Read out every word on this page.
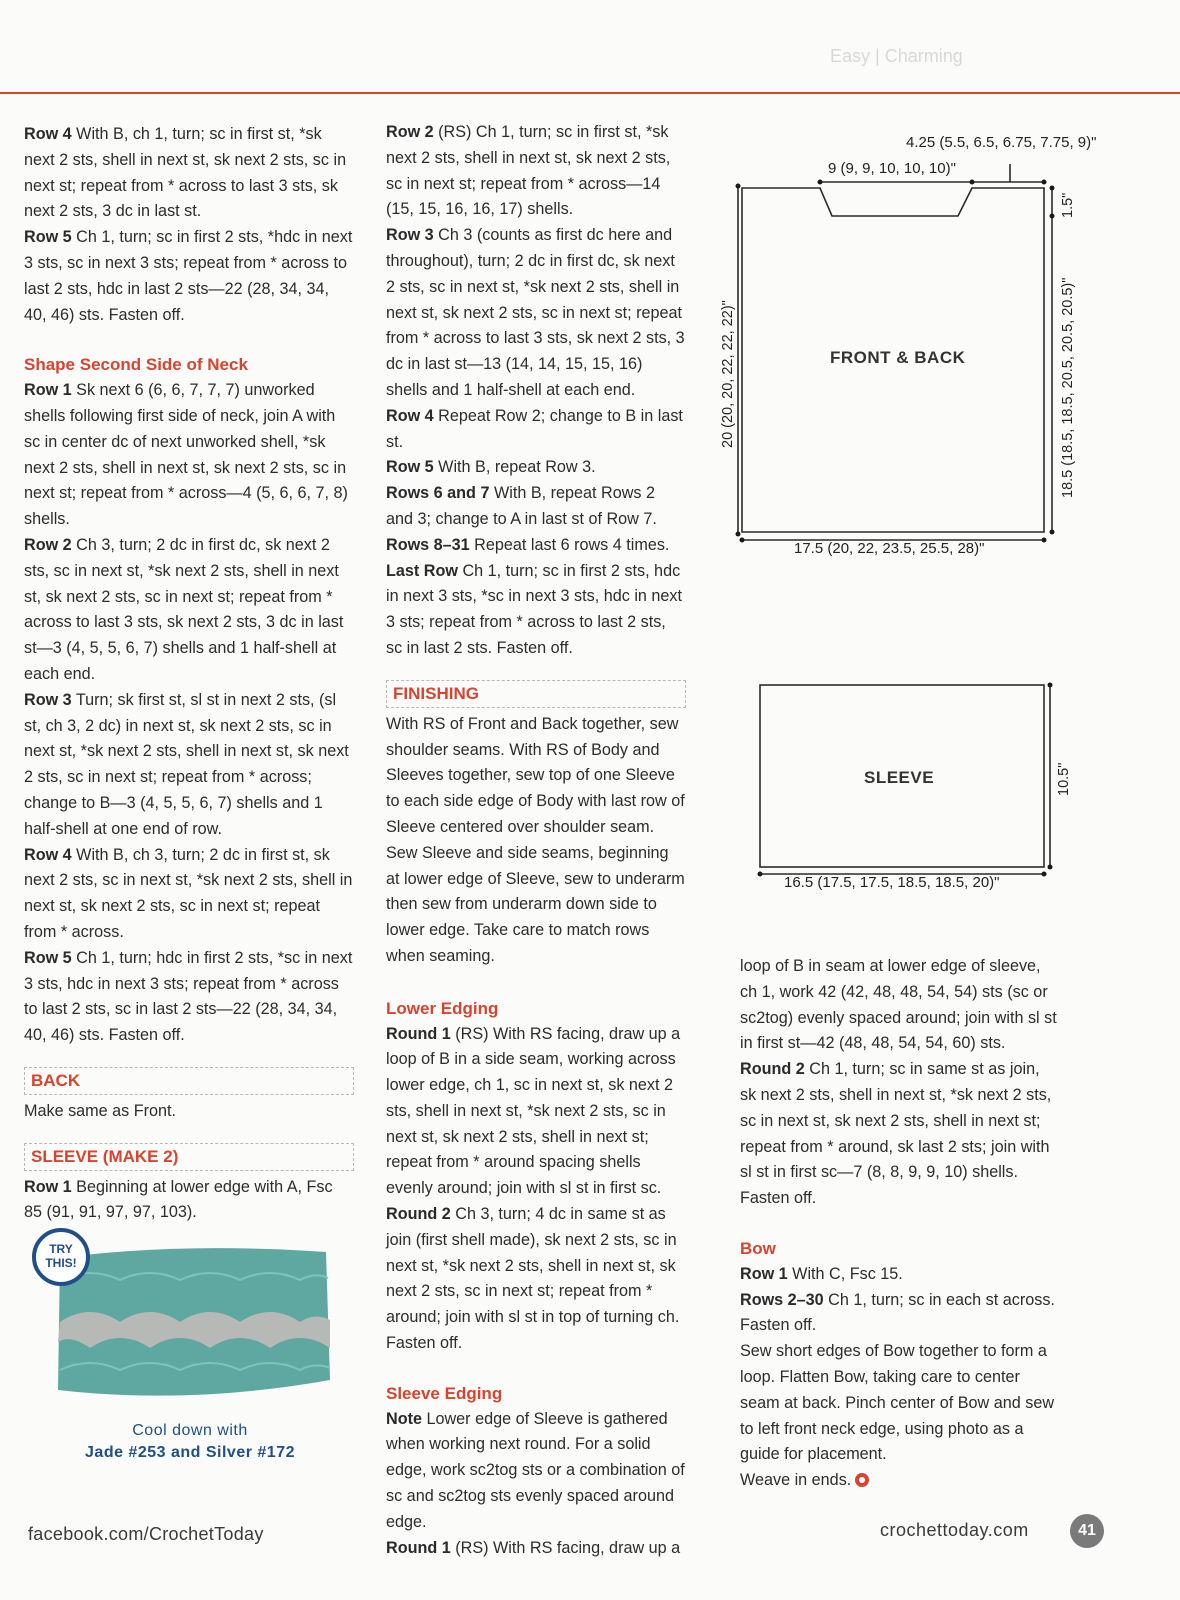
Easy | Charming

Row 4 With B, ch 1, turn; sc in first st, *sk next 2 sts, shell in next st, sk next 2 sts, sc in next st; repeat from * across to last 3 sts, sk next 2 sts, 3 dc in last st.

Row 5 Ch 1, turn; sc in first 2 sts, *hdc in next 3 sts, sc in next 3 sts; repeat from * across to last 2 sts, hdc in last 2 sts—22 (28, 34, 34, 40, 46) sts. Fasten off.

Shape Second Side of Neck

Row 1 Sk next 6 (6, 6, 7, 7, 7) unworked shells following first side of neck, join A with sc in center dc of next unworked shell, *sk next 2 sts, shell in next st, sk next 2 sts, sc in next st; repeat from * across—4 (5, 6, 6, 7, 8) shells.

Row 2 Ch 3, turn; 2 dc in first dc, sk next 2 sts, sc in next st, *sk next 2 sts, shell in next st, sk next 2 sts, sc in next st; repeat from * across to last 3 sts, sk next 2 sts, 3 dc in last st—3 (4, 5, 5, 6, 7) shells and 1 half-shell at each end.

Row 3 Turn; sk first st, sl st in next 2 sts, (sl st, ch 3, 2 dc) in next st, sk next 2 sts, sc in next st, *sk next 2 sts, shell in next st, sk next 2 sts, sc in next st; repeat from * across; change to B—3 (4, 5, 5, 6, 7) shells and 1 half-shell at one end of row.

Row 4 With B, ch 3, turn; 2 dc in first st, sk next 2 sts, sc in next st, *sk next 2 sts, shell in next st, sk next 2 sts, sc in next st; repeat from * across.

Row 5 Ch 1, turn; hdc in first 2 sts, *sc in next 3 sts, hdc in next 3 sts; repeat from * across to last 2 sts, sc in last 2 sts—22 (28, 34, 34, 40, 46) sts. Fasten off.

BACK

Make same as Front.

SLEEVE (MAKE 2)

Row 1 Beginning at lower edge with A, Fsc 85 (91, 91, 97, 97, 103).

Row 2 (RS) Ch 1, turn; sc in first st, *sk next 2 sts, shell in next st, sk next 2 sts, sc in next st; repeat from * across—14 (15, 15, 16, 16, 17) shells.

Row 3 Ch 3 (counts as first dc here and throughout), turn; 2 dc in first dc, sk next 2 sts, sc in next st, *sk next 2 sts, shell in next st, sk next 2 sts, sc in next st; repeat from * across to last 3 sts, sk next 2 sts, 3 dc in last st—13 (14, 14, 15, 15, 16) shells and 1 half-shell at each end.

Row 4 Repeat Row 2; change to B in last st.

Row 5 With B, repeat Row 3.

Rows 6 and 7 With B, repeat Rows 2 and 3; change to A in last st of Row 7.

Rows 8–31 Repeat last 6 rows 4 times.

Last Row Ch 1, turn; sc in first 2 sts, hdc in next 3 sts, *sc in next 3 sts, hdc in next 3 sts; repeat from * across to last 2 sts, sc in last 2 sts. Fasten off.

FINISHING

With RS of Front and Back together, sew shoulder seams. With RS of Body and Sleeves together, sew top of one Sleeve to each side edge of Body with last row of Sleeve centered over shoulder seam. Sew Sleeve and side seams, beginning at lower edge of Sleeve, sew to underarm then sew from underarm down side to lower edge. Take care to match rows when seaming.

Lower Edging

Round 1 (RS) With RS facing, draw up a loop of B in a side seam, working across lower edge, ch 1, sc in next st, sk next 2 sts, shell in next st, *sk next 2 sts, sc in next st, sk next 2 sts, shell in next st; repeat from * around spacing shells evenly around; join with sl st in first sc.

Round 2 Ch 3, turn; 4 dc in same st as join (first shell made), sk next 2 sts, sc in next st, *sk next 2 sts, shell in next st, sk next 2 sts, sc in next st; repeat from * around; join with sl st in top of turning ch. Fasten off.

Sleeve Edging

Note Lower edge of Sleeve is gathered when working next round. For a solid edge, work sc2tog sts or a combination of sc and sc2tog sts evenly spaced around edge.

Round 1 (RS) With RS facing, draw up a

loop of B in seam at lower edge of sleeve, ch 1, work 42 (42, 48, 48, 54, 54) sts (sc or sc2tog) evenly spaced around; join with sl st in first st—42 (48, 48, 54, 54, 60) sts.

Round 2 Ch 1, turn; sc in same st as join, sk next 2 sts, shell in next st, *sk next 2 sts, sc in next st, sk next 2 sts, shell in next st; repeat from * around, sk last 2 sts; join with sl st in first sc—7 (8, 8, 9, 9, 10) shells. Fasten off.

Bow

Row 1 With C, Fsc 15.

Rows 2–30 Ch 1, turn; sc in each st across. Fasten off.

Sew short edges of Bow together to form a loop. Flatten Bow, taking care to center seam at back. Pinch center of Bow and sew to left front neck edge, using photo as a guide for placement.

Weave in ends.

4.25 (5.5, 6.5, 6.75, 7.75, 9)"
9 (9, 9, 10, 10, 10)"
FRONT & BACK
17.5 (20, 22, 23.5, 25.5, 28)"
20 (20, 20, 22, 22, 22)"
1.5"
18.5 (18.5, 18.5, 20.5, 20.5, 20.5)"
SLEEVE	10.5"
16.5 (17.5, 17.5, 18.5, 18.5, 20)"
TRY THIS!
Cool down with
Jade #253 and Silver #172
facebook.com/CrochetToday	crochettoday.com	41
